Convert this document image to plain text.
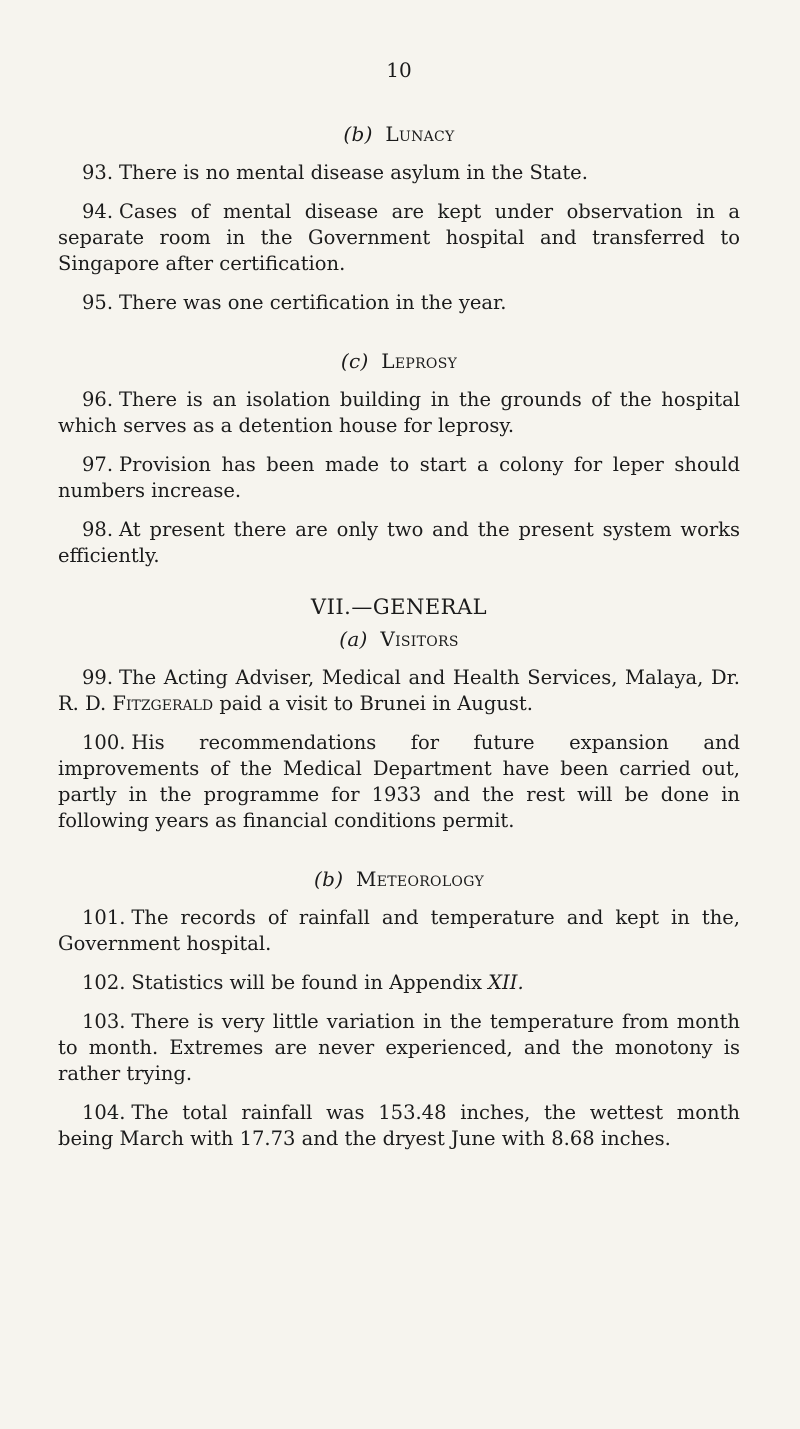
10
(b) Lunacy

93. There is no mental disease asylum in the State.

94. Cases of mental disease are kept under observation in a separate room in the Government hospital and transferred to Singapore after certification.

95. There was one certification in the year.

(c) Leprosy

96. There is an isolation building in the grounds of the hospital which serves as a detention house for leprosy.

97. Provision has been made to start a colony for leper should numbers increase.

98. At present there are only two and the present system works efficiently.

VII.—GENERAL
(a) Visitors

99. The Acting Adviser, Medical and Health Services, Malaya, Dr. R. D. Fitzgerald paid a visit to Brunei in August.

100. His recommendations for future expansion and improvements of the Medical Department have been carried out, partly in the programme for 1933 and the rest will be done in following years as financial conditions permit.

(b) Meteorology

101. The records of rainfall and temperature and kept in the, Government hospital.

102. Statistics will be found in Appendix XII.

103. There is very little variation in the temperature from month to month. Extremes are never experienced, and the monotony is rather trying.

104. The total rainfall was 153.48 inches, the wettest month being March with 17.73 and the dryest June with 8.68 inches.
